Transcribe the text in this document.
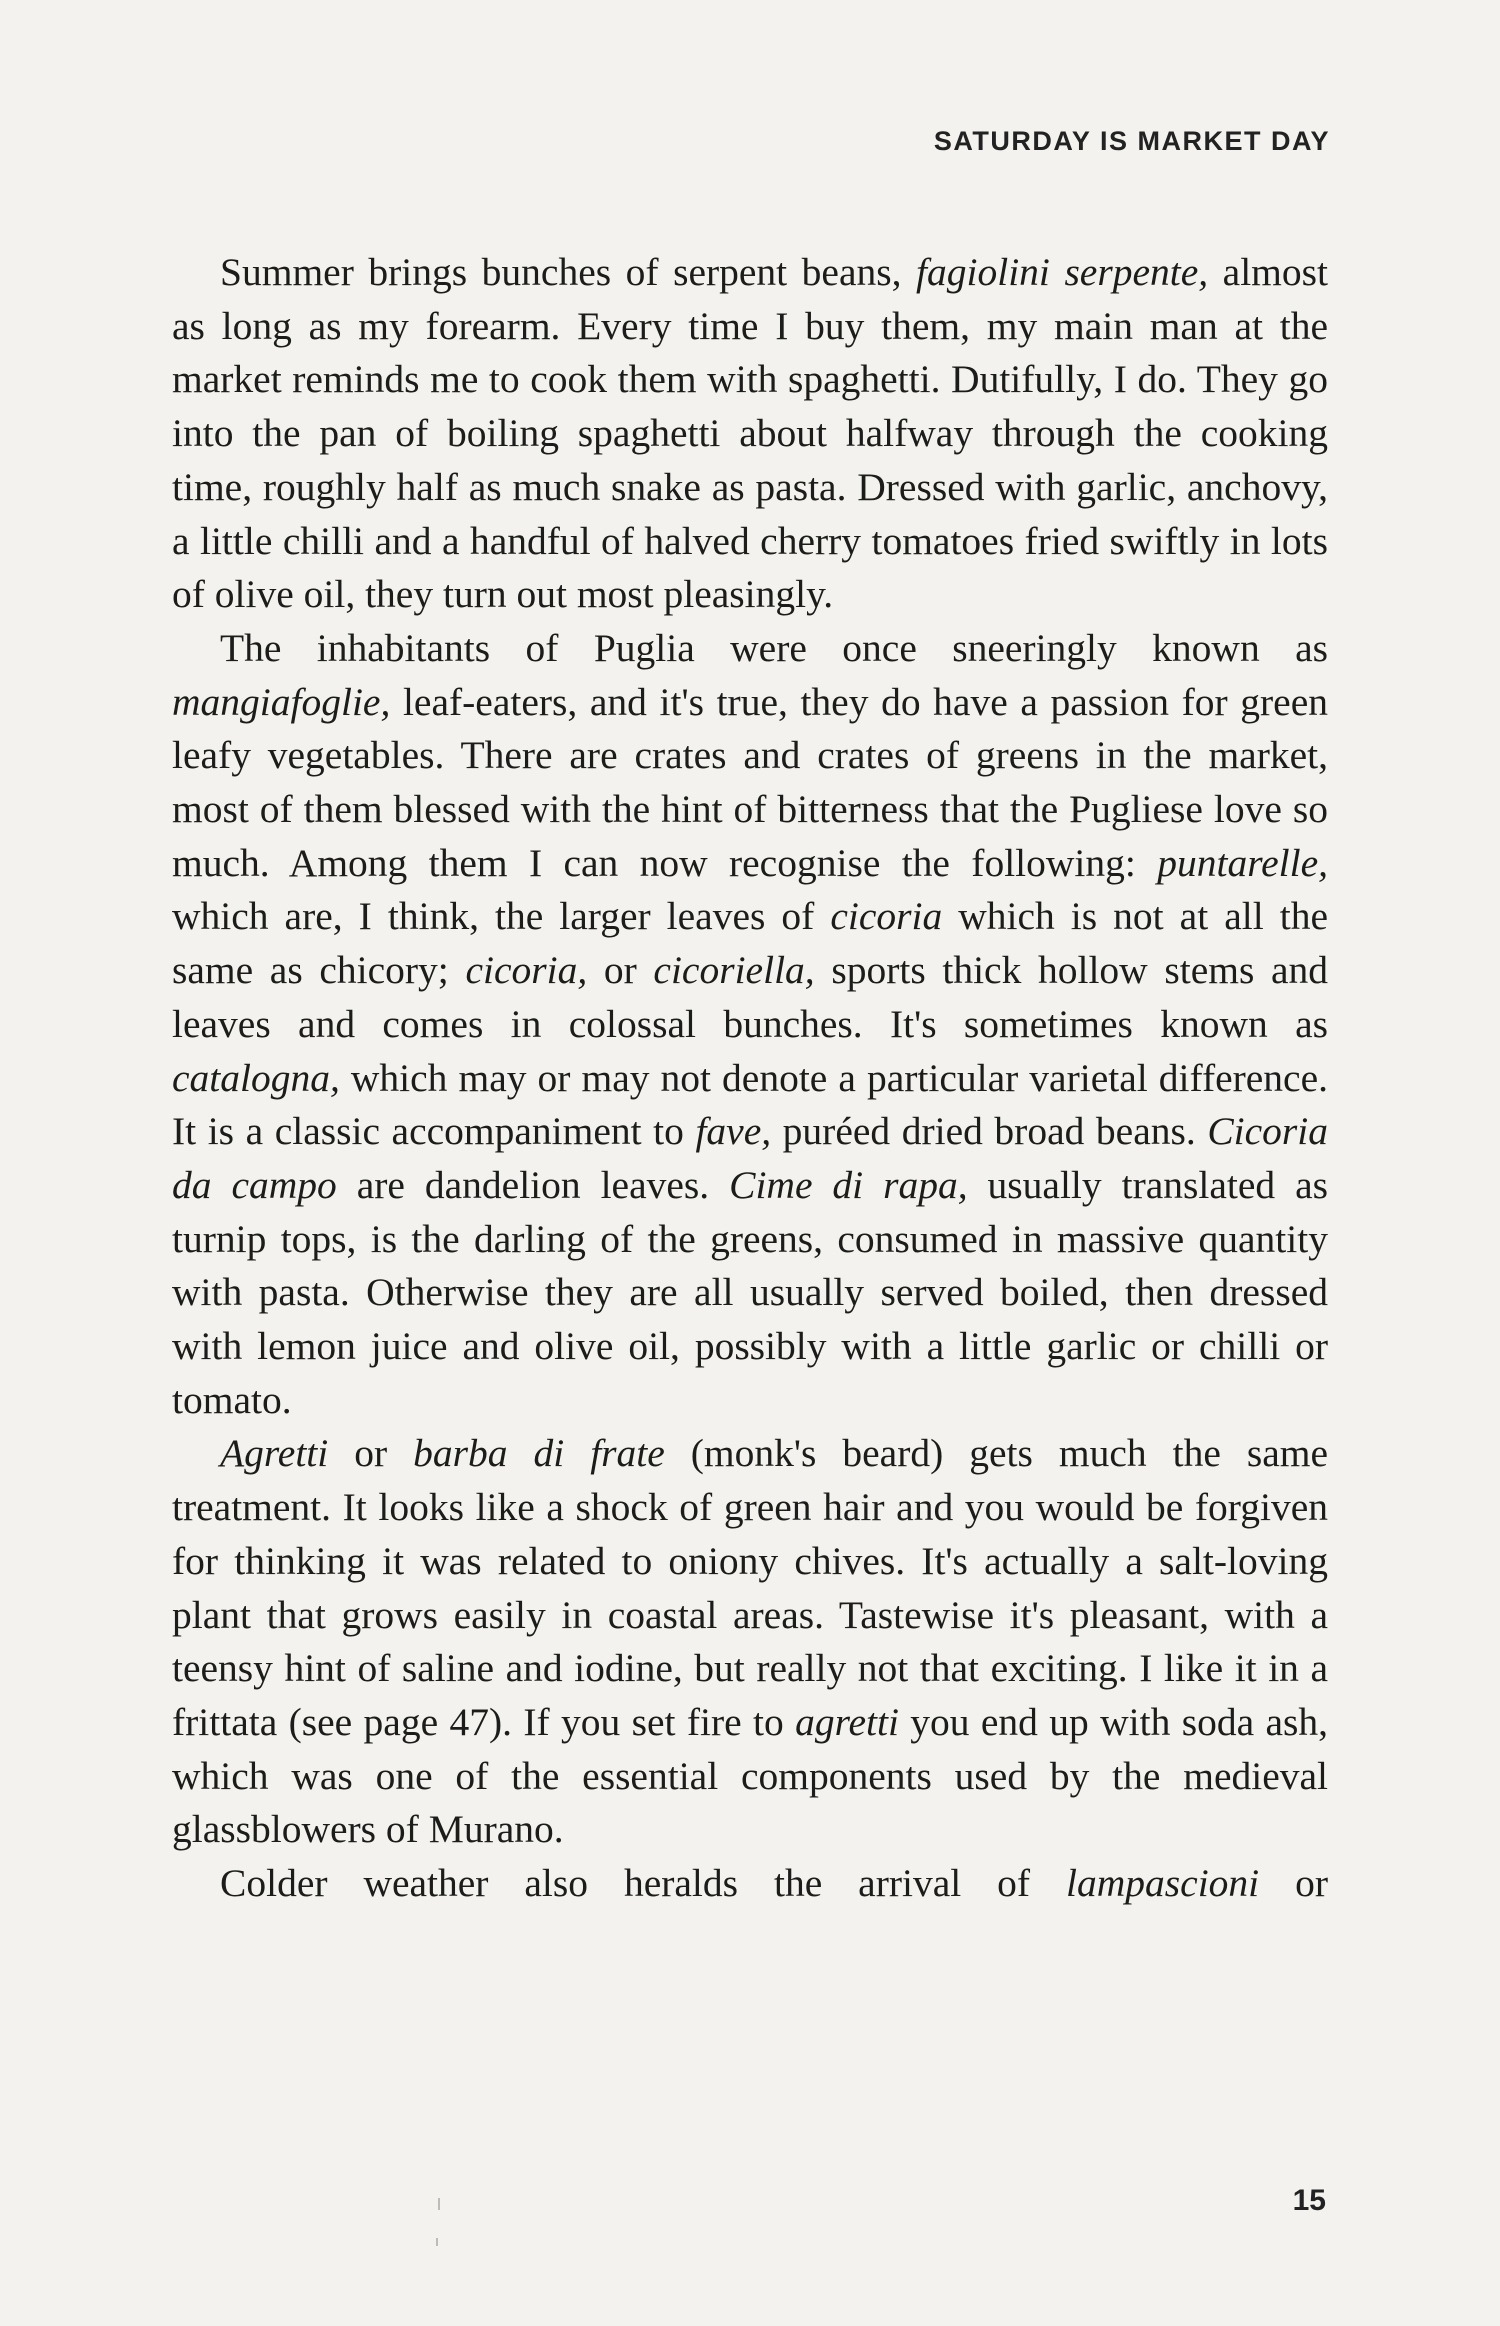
SATURDAY IS MARKET DAY

Summer brings bunches of serpent beans, fagiolini serpente, almost as long as my forearm. Every time I buy them, my main man at the market reminds me to cook them with spaghetti. Dutifully, I do. They go into the pan of boiling spaghetti about halfway through the cooking time, roughly half as much snake as pasta. Dressed with garlic, anchovy, a little chilli and a handful of halved cherry tomatoes fried swiftly in lots of olive oil, they turn out most pleasingly.

The inhabitants of Puglia were once sneeringly known as mangiafoglie, leaf-eaters, and it's true, they do have a passion for green leafy vegetables. There are crates and crates of greens in the market, most of them blessed with the hint of bitterness that the Pugliese love so much. Among them I can now recognise the following: puntarelle, which are, I think, the larger leaves of cicoria which is not at all the same as chicory; cicoria, or cicoriella, sports thick hollow stems and leaves and comes in colossal bunches. It's sometimes known as catalogna, which may or may not denote a particular varietal difference. It is a classic accompaniment to fave, puréed dried broad beans. Cicoria da campo are dandelion leaves. Cime di rapa, usually translated as turnip tops, is the darling of the greens, consumed in massive quantity with pasta. Otherwise they are all usually served boiled, then dressed with lemon juice and olive oil, possibly with a little garlic or chilli or tomato.

Agretti or barba di frate (monk's beard) gets much the same treatment. It looks like a shock of green hair and you would be forgiven for thinking it was related to oniony chives. It's actually a salt-loving plant that grows easily in coastal areas. Tastewise it's pleasant, with a teensy hint of saline and iodine, but really not that exciting. I like it in a frittata (see page 47). If you set fire to agretti you end up with soda ash, which was one of the essential components used by the medieval glassblowers of Murano.

Colder weather also heralds the arrival of lampascioni or

15
